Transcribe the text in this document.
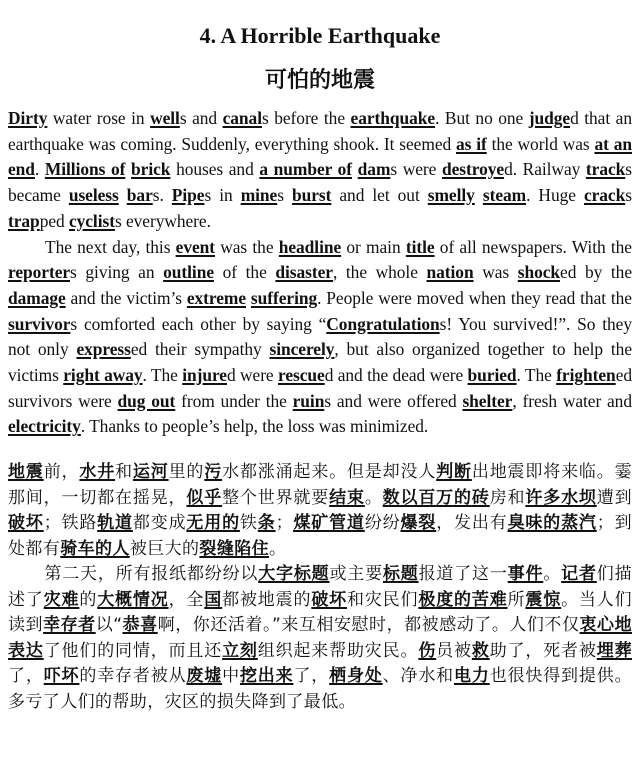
4. A Horrible Earthquake
可怕的地震

Dirty water rose in wells and canals before the earthquake. But no one judged that an earthquake was coming. Suddenly, everything shook. It seemed as if the world was at an end. Millions of brick houses and a number of dams were destroyed. Railway tracks became useless bars. Pipes in mines burst and let out smelly steam. Huge cracks trapped cyclists everywhere.

The next day, this event was the headline or main title of all newspapers. With the reporters giving an outline of the disaster, the whole nation was shocked by the damage and the victim’s extreme suffering. People were moved when they read that the survivors comforted each other by saying “Congratulations! You survived!”. So they not only expressed their sympathy sincerely, but also organized together to help the victims right away. The injured were rescued and the dead were buried. The frightened survivors were dug out from under the ruins and were offered shelter, fresh water and electricity. Thanks to people’s help, the loss was minimized.

地震前，水井和运河里的污水都涨涌起来。但是却没人判断出地震即将来临。霎那间，一切都在摇晃，似乎整个世界就要结束。数以百万的砖房和许多水坝遭到破坏；铁路轨道都变成无用的铁条；煤矿管道纷纷爆裂，发出有臭味的蒸汽；到处都有骑车的人被巨大的裂缝陷住。

第二天，所有报纸都纷纷以大字标题或主要标题报道了这一事件。记者们描述了灾难的大概情况，全国都被地震的破坏和灾民们极度的苦难所震惊。当人们读到幸存者以“恭喜啊，你还活着。”来互相安慰时，都被感动了。人们不仅衷心地表达了他们的同情，而且还立刻组织起来帮助灾民。伤员被救助了，死者被埋葬了，吓坏的幸存者被从废墟中挖出来了，栖身处、净水和电力也很快得到提供。多亏了人们的帮助，灾区的损失降到了最低。
